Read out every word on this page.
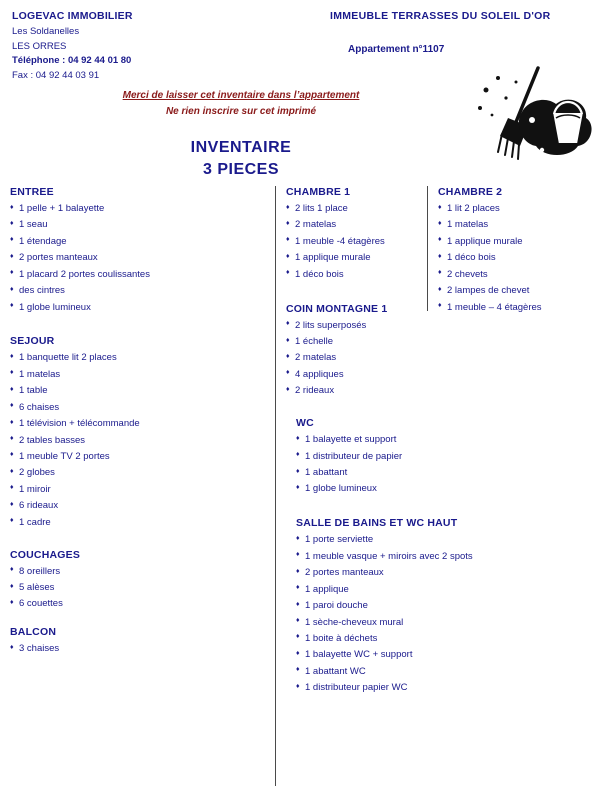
LOGEVAC IMMOBILIER
Les Soldanelles
LES ORRES
Téléphone : 04 92 44 01 80
Fax : 04 92 44 03 91
IMMEUBLE TERRASSES DU SOLEIL D'OR
Appartement n°1107
Merci de laisser cet inventaire dans l’appartement
Ne rien inscrire sur cet imprimé
INVENTAIRE
3 PIECES
ENTREE
♦ 1 pelle + 1 balayette
♦ 1 seau
♦ 1 étendage
♦ 2 portes manteaux
♦ 1 placard 2 portes coulissantes
♦ des cintres
♦ 1 globe lumineux
SEJOUR
♦ 1 banquette lit 2 places
♦ 1 matelas
♦ 1 table
♦ 6 chaises
♦ 1 télévision + télécommande
♦ 2 tables basses
♦ 1 meuble TV 2 portes
♦ 2 globes
♦ 1 miroir
♦ 6 rideaux
♦ 1 cadre
COUCHAGES
♦ 8 oreillers
♦ 5 alèses
♦ 6 couettes
BALCON
♦ 3 chaises
CHAMBRE 1
♦ 2 lits 1 place
♦ 2 matelas
♦ 1 meuble -4 étagères
♦ 1 applique murale
♦ 1 déco bois
COIN MONTAGNE 1
♦ 2 lits superposés
♦ 1 échelle
♦ 2 matelas
♦ 4 appliques
♦ 2 rideaux
WC
♦ 1 balayette et support
♦ 1 distributeur de papier
♦ 1 abattant
♦ 1 globe lumineux
SALLE DE BAINS ET WC HAUT
♦ 1 porte serviette
♦ 1 meuble vasque + miroirs avec 2 spots
♦ 2 portes manteaux
♦ 1 applique
♦ 1 paroi douche
♦ 1 sèche-cheveux mural
♦ 1 boite à déchets
♦ 1 balayette WC + support
♦ 1 abattant WC
♦ 1 distributeur papier WC
CHAMBRE 2
♦ 1 lit 2 places
♦ 1 matelas
♦ 1 applique murale
♦ 1 déco bois
♦ 2 chevets
♦ 2 lampes de chevet
♦ 1 meuble – 4 étagères
